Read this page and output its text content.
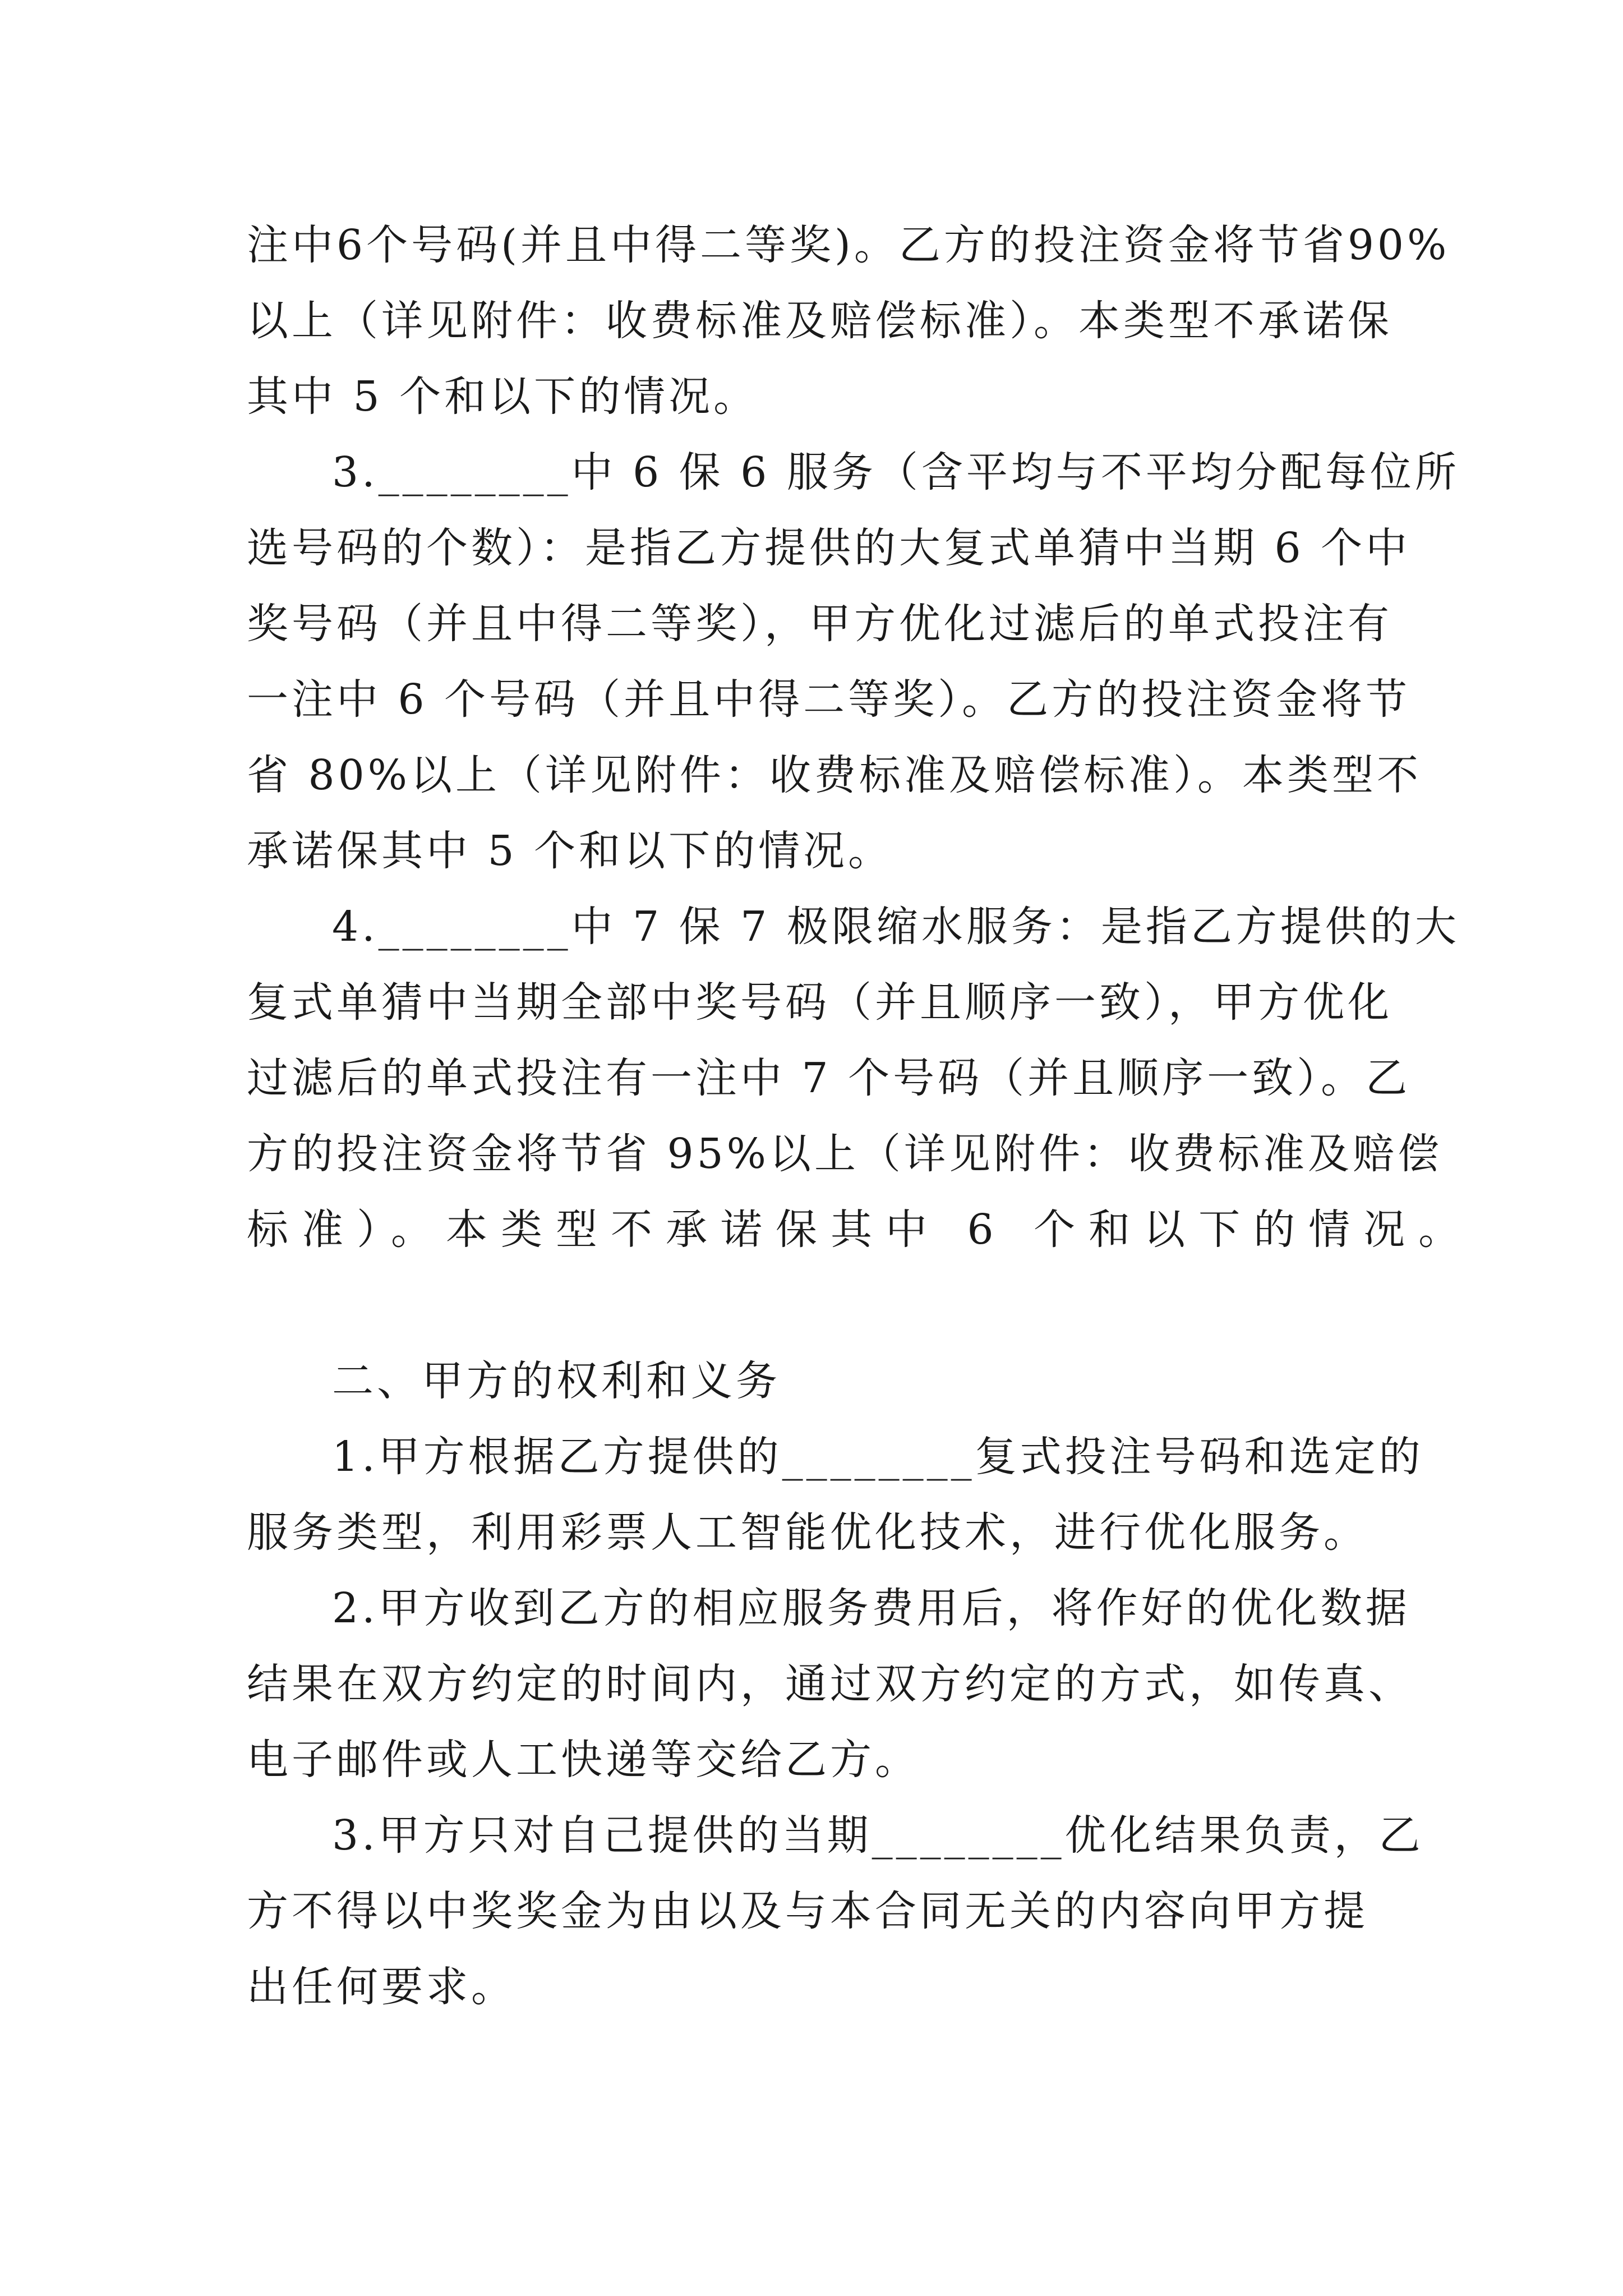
注中6个号码(并且中得二等奖)。乙方的投注资金将节省90%
以上（详见附件：收费标准及赔偿标准）。本类型不承诺保
其中 5 个和以下的情况。
3.________中 6 保 6 服务（含平均与不平均分配每位所
选号码的个数）：是指乙方提供的大复式单猜中当期 6 个中
奖号码（并且中得二等奖），甲方优化过滤后的单式投注有
一注中 6 个号码（并且中得二等奖）。乙方的投注资金将节
省 80%以上（详见附件：收费标准及赔偿标准）。本类型不
承诺保其中 5 个和以下的情况。
4.________中 7 保 7 极限缩水服务：是指乙方提供的大
复式单猜中当期全部中奖号码（并且顺序一致），甲方优化
过滤后的单式投注有一注中 7 个号码（并且顺序一致）。乙
方的投注资金将节省 95%以上（详见附件：收费标准及赔偿
标准）。本类型不承诺保其中 6 个和以下的情况。
二、甲方的权利和义务
1.甲方根据乙方提供的________复式投注号码和选定的
服务类型，利用彩票人工智能优化技术，进行优化服务。
2.甲方收到乙方的相应服务费用后，将作好的优化数据
结果在双方约定的时间内，通过双方约定的方式，如传真、
电子邮件或人工快递等交给乙方。
3.甲方只对自己提供的当期________优化结果负责，乙
方不得以中奖奖金为由以及与本合同无关的内容向甲方提
出任何要求。
